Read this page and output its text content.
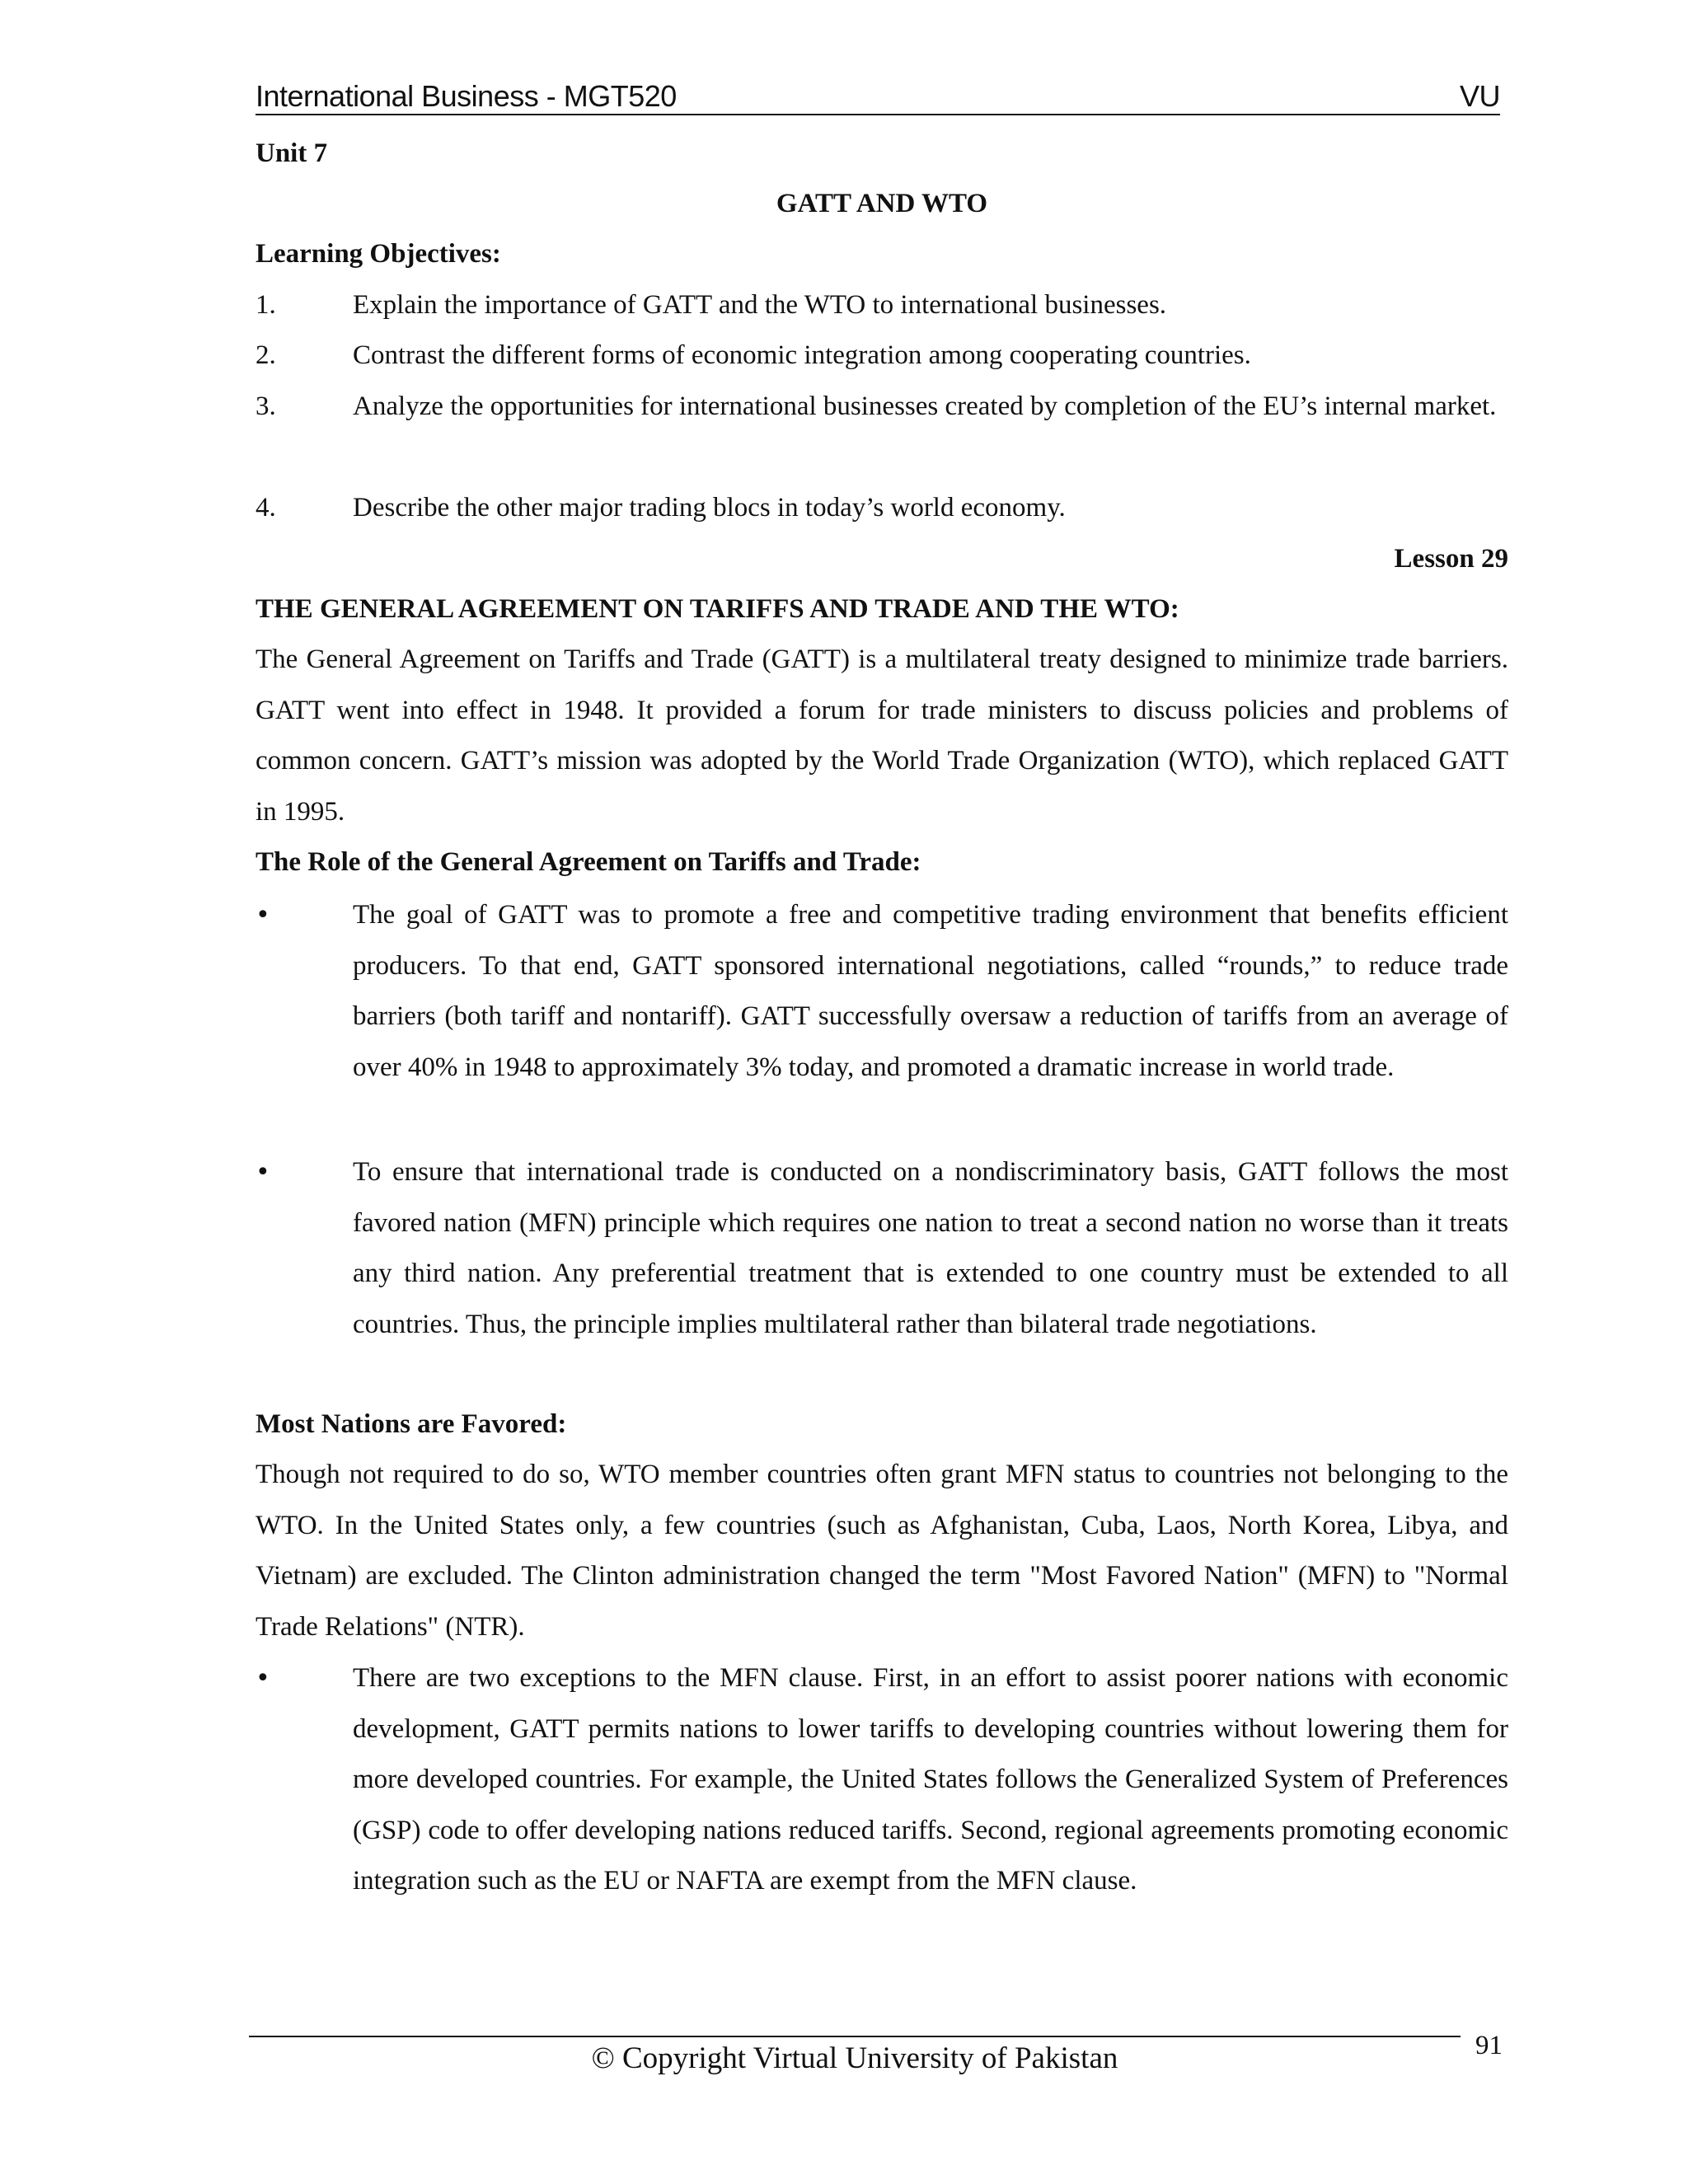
International Business - MGT520	VU
Unit 7
GATT AND WTO
Learning Objectives:
1.	Explain the importance of GATT and the WTO to international businesses.
2.	Contrast the different forms of economic integration among cooperating countries.
3.	Analyze the opportunities for international businesses created by completion of the EU’s internal market.
4.	Describe the other major trading blocs in today’s world economy.
Lesson 29
THE GENERAL AGREEMENT ON TARIFFS AND TRADE AND THE WTO:
The General Agreement on Tariffs and Trade (GATT) is a multilateral treaty designed to minimize trade barriers. GATT went into effect in 1948. It provided a forum for trade ministers to discuss policies and problems of common concern. GATT’s mission was adopted by the World Trade Organization (WTO), which replaced GATT in 1995.
The Role of the General Agreement on Tariffs and Trade:
•	The goal of GATT was to promote a free and competitive trading environment that benefits efficient producers. To that end, GATT sponsored international negotiations, called “rounds,” to reduce trade barriers (both tariff and nontariff). GATT successfully oversaw a reduction of tariffs from an average of over 40% in 1948 to approximately 3% today, and promoted a dramatic increase in world trade.
•	To ensure that international trade is conducted on a nondiscriminatory basis, GATT follows the most favored nation (MFN) principle which requires one nation to treat a second nation no worse than it treats any third nation. Any preferential treatment that is extended to one country must be extended to all countries. Thus, the principle implies multilateral rather than bilateral trade negotiations.
Most Nations are Favored:
Though not required to do so, WTO member countries often grant MFN status to countries not belonging to the WTO. In the United States only, a few countries (such as Afghanistan, Cuba, Laos, North Korea, Libya, and Vietnam) are excluded. The Clinton administration changed the term "Most Favored Nation" (MFN) to "Normal Trade Relations" (NTR).
•	There are two exceptions to the MFN clause. First, in an effort to assist poorer nations with economic development, GATT permits nations to lower tariffs to developing countries without lowering them for more developed countries. For example, the United States follows the Generalized System of Preferences (GSP) code to offer developing nations reduced tariffs. Second, regional agreements promoting economic integration such as the EU or NAFTA are exempt from the MFN clause.
© Copyright Virtual University of Pakistan	91
